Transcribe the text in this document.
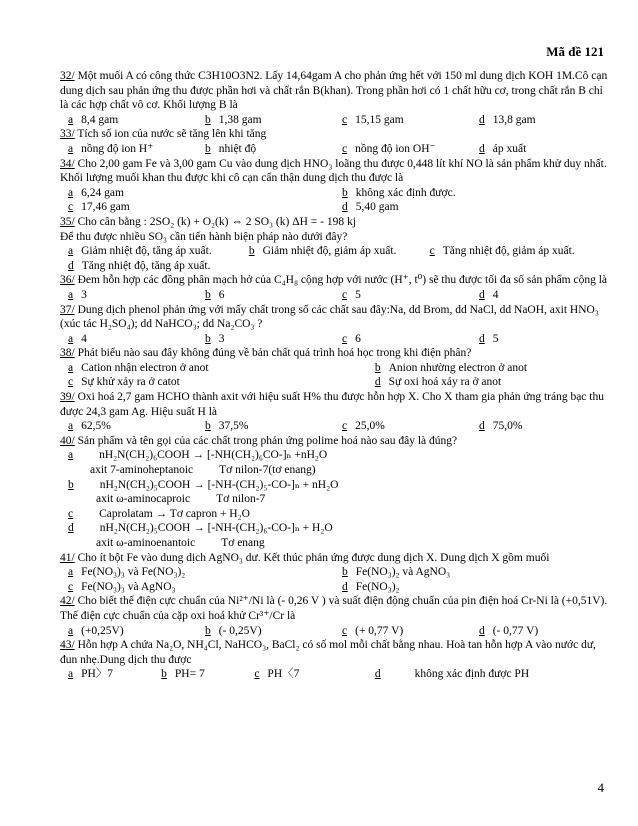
Mã đề 121
32/ Một muối A có công thức C3H10O3N2. Lấy 14,64gam A cho phản ứng hết với 150 ml dung dịch KOH 1M.Cô cạn dung dịch sau phản ứng thu được phần hơi và chất rắn B(khan). Trong phần hơi có 1 chất hữu cơ, trong chất rắn B chỉ là các hợp chất vô cơ. Khối lượng B là
a 8,4 gam	b 1,38 gam	c 15,15 gam	d 13,8 gam
33/ Tích số ion của nước sẽ tăng lên khi tăng
a nồng độ ion H⁺	b nhiệt độ	c nồng độ ion OH⁻	d áp xuất
34/ Cho 2,00 gam Fe và 3,00 gam Cu vào dung dịch HNO₃ loãng thu được 0,448 lít khí NO là sản phẩm khử duy nhất. Khối lượng muối khan thu được khi cô cạn cẩn thận dung dịch thu được là
a 6,24 gam	b không xác định được.
c 17,46 gam	d 5,40 gam
35/ Cho cân bằng : 2SO₂ (k) + O₂(k) ⇔ 2 SO₃ (k) ΔH = - 198 kj
Để thu được nhiều SO₃ cần tiến hành biện pháp nào dưới đây?
a Giảm nhiệt độ, tăng áp xuất.	b Giảm nhiệt độ, giảm áp xuất.	c Tăng nhiệt độ, giảm áp xuất.
d Tăng nhiệt độ, tăng áp xuất.
36/ Đem hỗn hợp các đồng phân mạch hở của C₄H₈ cộng hợp với nước (H⁺, t⁰) sẽ thu được tối đa số sản phẩm cộng là
a 3	b 6	c 5	d 4
37/ Dung dịch phenol phản ứng với mấy chất trong số các chất sau đây:Na, dd Brom, dd NaCl, dd NaOH, axit HNO₃ (xúc tác H₂SO₄); dd NaHCO₃; dd Na₂CO₃ ?
a 4	b 3	c 6	d 5
38/ Phát biểu nào sau đây không đúng về bản chất quá trình hoá học trong khi điện phân?
a Cation nhận electron ở anot	b Anion nhường electron ở anot
c Sự khử xảy ra ở catot	d Sự oxi hoá xảy ra ở anot
39/ Oxi hoá 2,7 gam HCHO thành axit với hiệu suất H% thu được hỗn hợp X. Cho X tham gia phản ứng tráng bạc thu được 24,3 gam Ag. Hiệu suất H là
a 62,5%	b 37,5%	c 25,0%	d 75,0%
40/ Sản phẩm và tên gọi của các chất trong phản ứng polime hoá nào sau đây là đúng?
a nH₂N(CH₂)₆COOH → [-NH(CH₂)₆CO-]ₙ +nH₂O
axit 7-aminoheptanoic Tơ nilon-7(tơ enang)
b nH₂N(CH₂)₅COOH → [-NH-(CH₂)₅-CO-]ₙ + nH₂O
axit ω-aminocaproic Tơ nilon-7
c Caprolatam → Tơ capron + H₂O
d nH₂N(CH₂)₅COOH → [-NH-(CH₂)₆-CO-]ₙ + H₂O
axit ω-aminoenantoic Tơ enang
41/ Cho ít bột Fe vào dung dịch AgNO₃ dư. Kết thúc phản ứng được dung dịch X. Dung dịch X gồm muối
a Fe(NO₃)₃ và Fe(NO₃)₂	b Fe(NO₃)₂ và AgNO₃
c Fe(NO₃)₃ và AgNO₃	d Fe(NO₃)₂
42/ Cho biết thế điện cực chuẩn của Ni²⁺/Ni là (- 0,26 V ) và suất điện động chuẩn của pin điện hoá Cr-Ni là (+0,51V). Thế điện cực chuẩn của cặp oxi hoá khử Cr³⁺/Cr là
a (+0,25V)	b (- 0,25V)	c (+ 0,77 V)	d (- 0,77 V)
43/ Hỗn hợp A chứa Na₂O, NH₄Cl, NaHCO₃, BaCl₂ có số mol mỗi chất bằng nhau. Hoà tan hỗn hợp A vào nước dư, đun nhẹ.Dung dịch thu được
a PH〉7	b PH= 7	c PH〈7	d	không xác định được PH
4
